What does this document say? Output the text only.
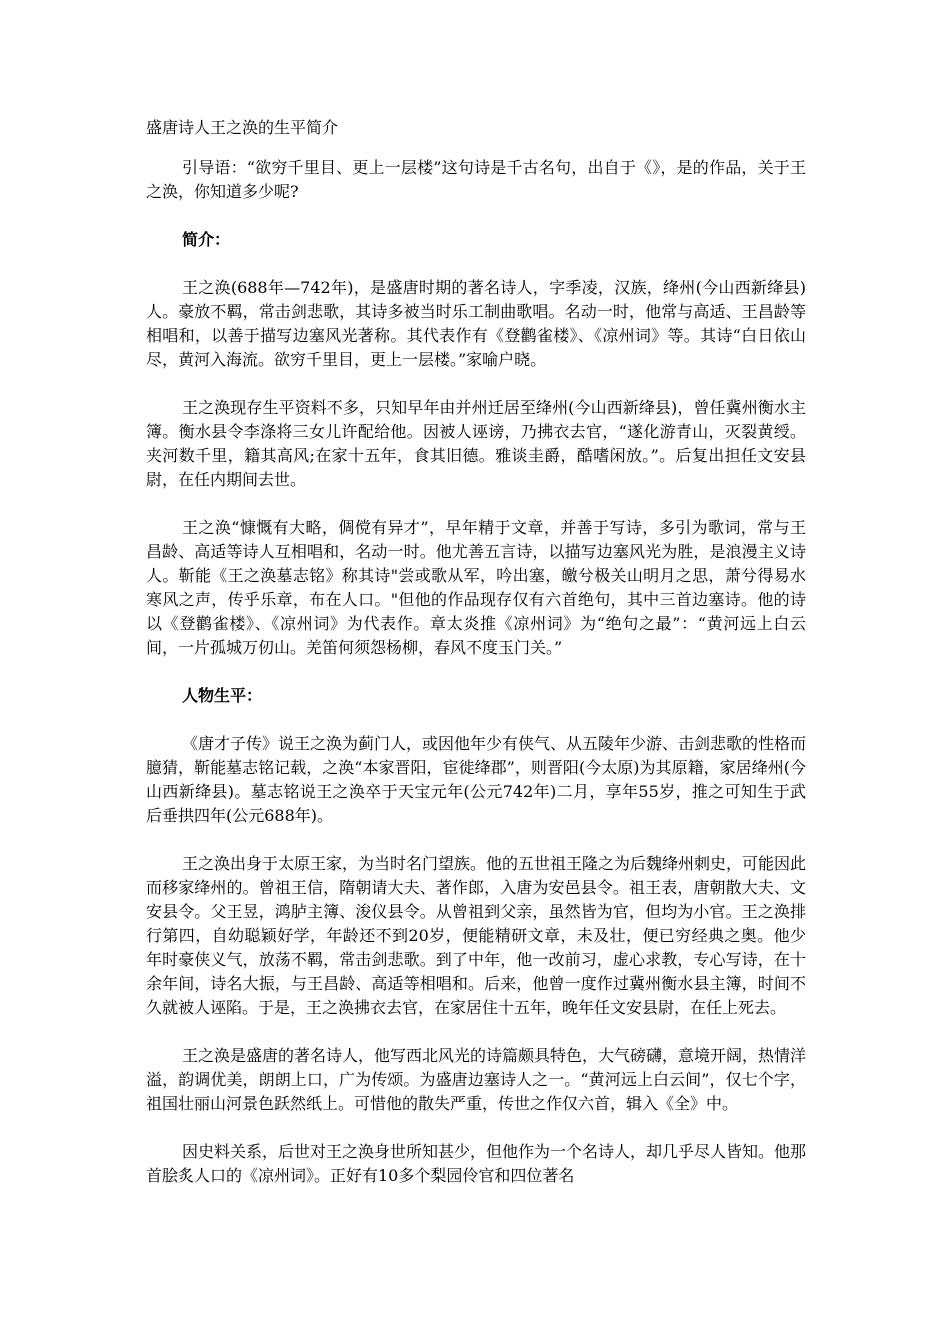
盛唐诗人王之涣的生平简介

引导语：“欲穷千里目、更上一层楼”这句诗是千古名句，出自于《》，是的作品，关于王之涣，你知道多少呢?

简介：

王之涣(688年—742年)，是盛唐时期的著名诗人，字季凌，汉族，绛州(今山西新绛县)人。豪放不羁，常击剑悲歌，其诗多被当时乐工制曲歌唱。名动一时，他常与高适、王昌龄等相唱和，以善于描写边塞风光著称。其代表作有《登鹳雀楼》、《凉州词》等。其诗“白日依山尽，黄河入海流。欲穷千里目，更上一层楼。”家喻户晓。

王之涣现存生平资料不多，只知早年由并州迁居至绛州(今山西新绛县)，曾任冀州衡水主簿。衡水县令李涤将三女儿许配给他。因被人诬谤，乃拂衣去官，“遂化游青山，灭裂黄绶。夹河数千里，籍其高风;在家十五年，食其旧德。雅谈圭爵，酷嗜闲放。”。后复出担任文安县尉，在任内期间去世。

王之涣“慷慨有大略，倜傥有异才”，早年精于文章，并善于写诗，多引为歌词，常与王昌龄、高适等诗人互相唱和，名动一时。他尤善五言诗，以描写边塞风光为胜，是浪漫主义诗人。靳能《王之涣墓志铭》称其诗"尝或歌从军，吟出塞，皦兮极关山明月之思，萧兮得易水寒风之声，传乎乐章，布在人口。"但他的作品现存仅有六首绝句，其中三首边塞诗。他的诗以《登鹳雀楼》、《凉州词》为代表作。章太炎推《凉州词》为“绝句之最”：“黄河远上白云间，一片孤城万仞山。羌笛何须怨杨柳，春风不度玉门关。”

人物生平：

《唐才子传》说王之涣为蓟门人，或因他年少有侠气、从五陵年少游、击剑悲歌的性格而臆猜，靳能墓志铭记载，之涣“本家晋阳，宦徙绛郡”，则晋阳(今太原)为其原籍，家居绛州(今山西新绛县)。墓志铭说王之涣卒于天宝元年(公元742年)二月，享年55岁，推之可知生于武后垂拱四年(公元688年)。

王之涣出身于太原王家，为当时名门望族。他的五世祖王隆之为后魏绛州刺史，可能因此而移家绛州的。曾祖王信，隋朝请大夫、著作郎，入唐为安邑县令。祖王表，唐朝散大夫、文安县令。父王昱，鸿胪主簿、浚仪县令。从曾祖到父亲，虽然皆为官，但均为小官。王之涣排行第四，自幼聪颖好学，年龄还不到20岁，便能精研文章，未及壮，便已穷经典之奥。他少年时豪侠义气，放荡不羁，常击剑悲歌。到了中年，他一改前习，虚心求教，专心写诗，在十余年间，诗名大振，与王昌龄、高适等相唱和。后来，他曾一度作过冀州衡水县主簿，时间不久就被人诬陷。于是，王之涣拂衣去官，在家居住十五年，晚年任文安县尉，在任上死去。

王之涣是盛唐的著名诗人，他写西北风光的诗篇颇具特色，大气磅礴，意境开阔，热情洋溢，韵调优美，朗朗上口，广为传颂。为盛唐边塞诗人之一。“黄河远上白云间”，仅七个字，祖国壮丽山河景色跃然纸上。可惜他的散失严重，传世之作仅六首，辑入《全》中。

因史料关系，后世对王之涣身世所知甚少，但他作为一个名诗人，却几乎尽人皆知。他那首脍炙人口的《凉州词》。正好有10多个梨园伶官和四位著名
